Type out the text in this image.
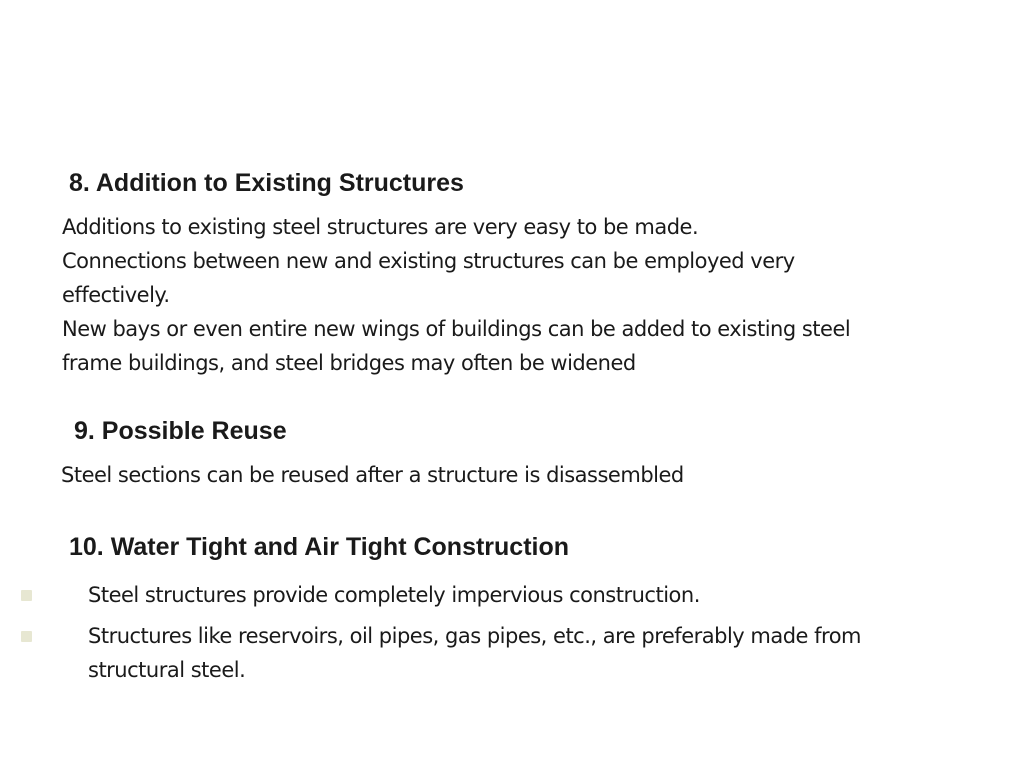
8. Addition to Existing Structures
Additions to existing steel structures are very easy to be made.
Connections between new and existing structures can be employed very
effectively.
New bays or even entire new wings of buildings can be added to existing steel
frame buildings, and steel bridges may often be widened
9. Possible Reuse
Steel sections can be reused after a structure is disassembled
10. Water Tight and Air Tight Construction
Steel structures provide completely impervious construction.
Structures like reservoirs, oil pipes, gas pipes, etc., are preferably made from
structural steel.
